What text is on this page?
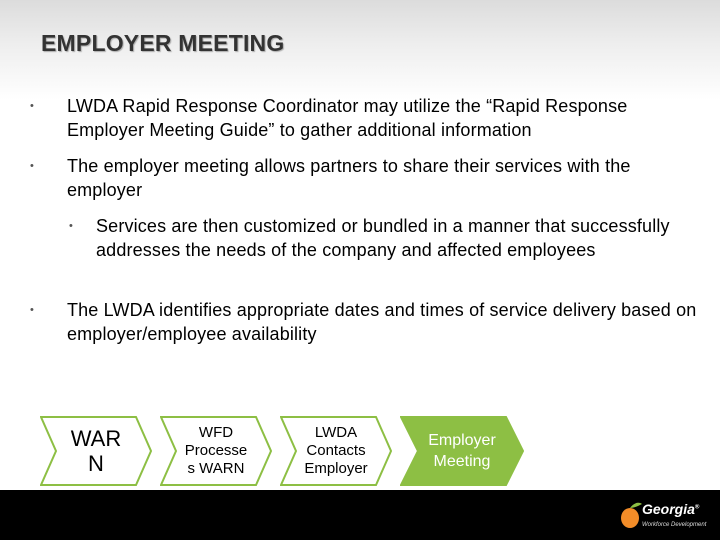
EMPLOYER MEETING
• LWDA Rapid Response Coordinator may utilize the “Rapid Response Employer Meeting Guide” to gather additional information
• The employer meeting allows partners to share their services with the employer
• Services are then customized or bundled in a manner that successfully addresses the needs of the company and affected employees
• The LWDA identifies appropriate dates and times of service delivery based on employer/employee availability
WAR N
WFD Processe s WARN
LWDA Contacts Employer
Employer Meeting
Georgia®
Workforce Development
